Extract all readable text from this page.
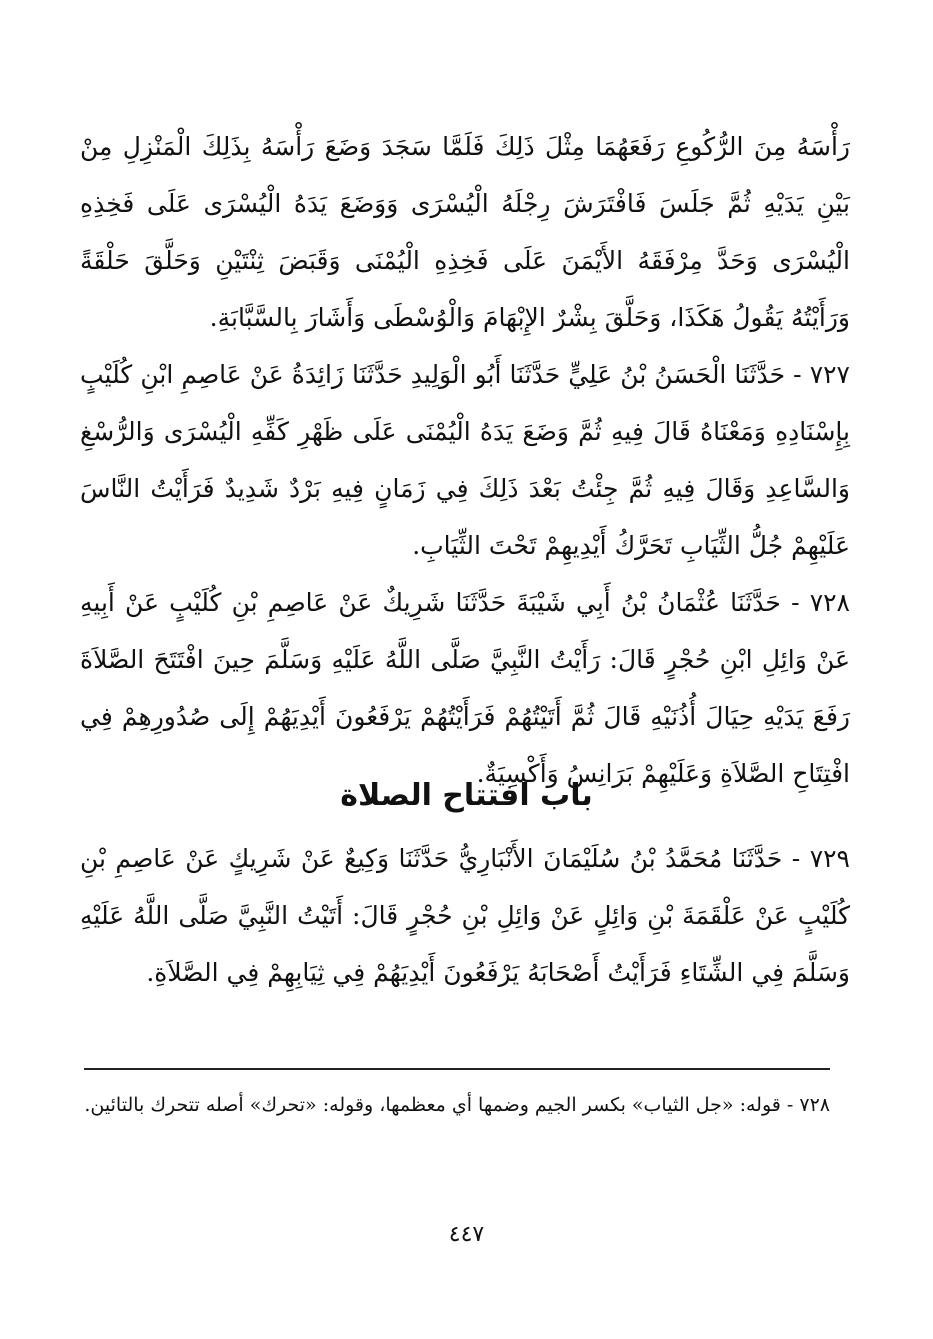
رَأْسَهُ مِنَ الرُّكُوعِ رَفَعَهُمَا مِثْلَ ذَلِكَ فَلَمَّا سَجَدَ وَضَعَ رَأْسَهُ بِذَلِكَ الْمَنْزِلِ مِنْ بَيْنِ يَدَيْهِ ثُمَّ جَلَسَ فَافْتَرَشَ رِجْلَهُ الْيُسْرَى وَوَضَعَ يَدَهُ الْيُسْرَى عَلَى فَخِذِهِ الْيُسْرَى وَحَدَّ مِرْفَقَهُ الأَيْمَنَ عَلَى فَخِذِهِ الْيُمْنَى وَقَبَضَ ثِنْتَيْنِ وَحَلَّقَ حَلْقَةً وَرَأَيْتُهُ يَقُولُ هَكَذَا، وَحَلَّقَ بِشْرٌ الإِبْهَامَ وَالْوُسْطَى وَأَشَارَ بِالسَّبَّابَةِ.

٧٢٧ - حَدَّثَنَا الْحَسَنُ بْنُ عَلِيٍّ حَدَّثَنَا أَبُو الْوَلِيدِ حَدَّثَنَا زَائِدَةُ عَنْ عَاصِمِ ابْنِ كُلَيْبٍ بِإِسْنَادِهِ وَمَعْنَاهُ قَالَ فِيهِ ثُمَّ وَضَعَ يَدَهُ الْيُمْنَى عَلَى ظَهْرِ كَفِّهِ الْيُسْرَى وَالرُّسْغِ وَالسَّاعِدِ وَقَالَ فِيهِ ثُمَّ جِئْتُ بَعْدَ ذَلِكَ فِي زَمَانٍ فِيهِ بَرْدٌ شَدِيدٌ فَرَأَيْتُ النَّاسَ عَلَيْهِمْ جُلُّ الثِّيَابِ تَحَرَّكُ أَيْدِيهِمْ تَحْتَ الثِّيَابِ.

٧٢٨ - حَدَّثَنَا عُثْمَانُ بْنُ أَبِي شَيْبَةَ حَدَّثَنَا شَرِيكٌ عَنْ عَاصِمِ بْنِ كُلَيْبٍ عَنْ أَبِيهِ عَنْ وَائِلِ ابْنِ حُجْرٍ قَالَ: رَأَيْتُ النَّبِيَّ صَلَّى اللَّهُ عَلَيْهِ وَسَلَّمَ حِينَ افْتَتَحَ الصَّلاَةَ رَفَعَ يَدَيْهِ حِيَالَ أُذُنَيْهِ قَالَ ثُمَّ أَتَيْتُهُمْ فَرَأَيْتُهُمْ يَرْفَعُونَ أَيْدِيَهُمْ إِلَى صُدُورِهِمْ فِي افْتِتَاحِ الصَّلاَةِ وَعَلَيْهِمْ بَرَانِسُ وَأَكْسِيَةٌ.

باب افتتاح الصلاة

٧٢٩ - حَدَّثَنَا مُحَمَّدُ بْنُ سُلَيْمَانَ الأَنْبَارِيُّ حَدَّثَنَا وَكِيعٌ عَنْ شَرِيكٍ عَنْ عَاصِمِ بْنِ كُلَيْبٍ عَنْ عَلْقَمَةَ بْنِ وَائِلٍ عَنْ وَائِلِ بْنِ حُجْرٍ قَالَ: أَتَيْتُ النَّبِيَّ صَلَّى اللَّهُ عَلَيْهِ وَسَلَّمَ فِي الشِّتَاءِ فَرَأَيْتُ أَصْحَابَهُ يَرْفَعُونَ أَيْدِيَهُمْ فِي ثِيَابِهِمْ فِي الصَّلاَةِ.

٧٢٨ - قوله: «جل الثياب» بكسر الجيم وضمها أي معظمها، وقوله: «تحرك» أصله تتحرك بالتائين.
٤٤٧
